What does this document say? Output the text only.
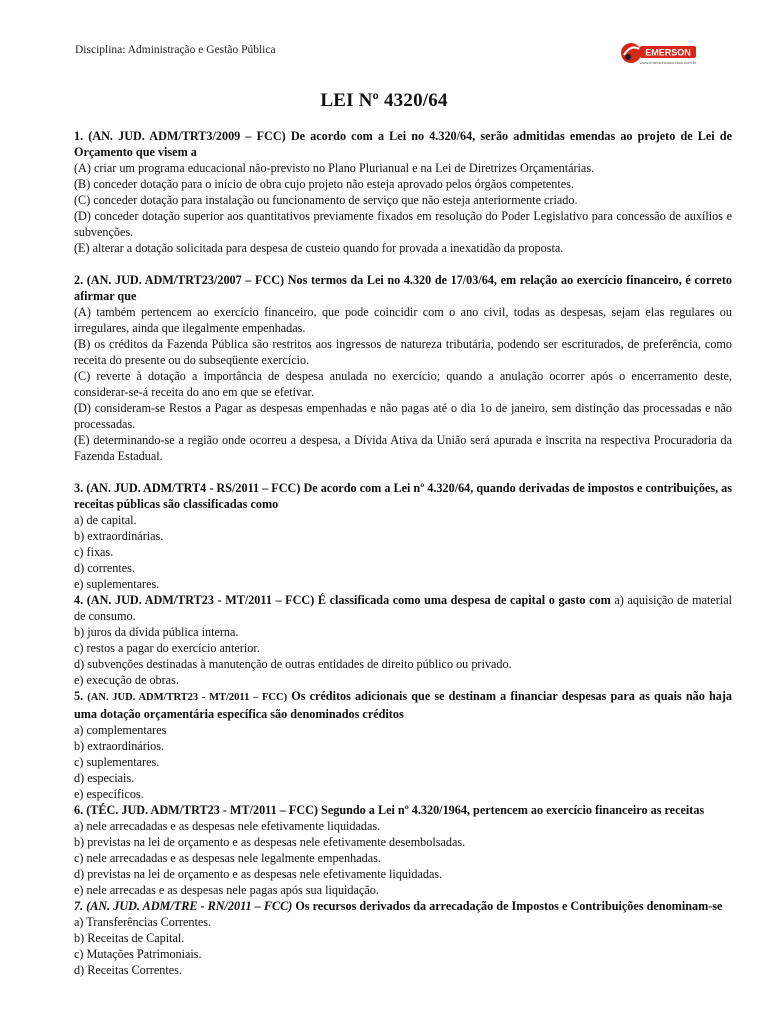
Disciplina: Administração e Gestão Pública	EMERSON
www.emersonconcursos.com.br
LEI Nº 4320/64
1. (AN. JUD. ADM/TRT3/2009 – FCC) De acordo com a Lei no 4.320/64, serão admitidas emendas ao projeto de Lei de Orçamento que visem a
(A) criar um programa educacional não-previsto no Plano Plurianual e na Lei de Diretrizes Orçamentárias.
(B) conceder dotação para o início de obra cujo projeto não esteja aprovado pelos órgãos competentes.
(C) conceder dotação para instalação ou funcionamento de serviço que não esteja anteriormente criado.
(D) conceder dotação superior aos quantitativos previamente fixados em resolução do Poder Legislativo para concessão de auxílios e subvenções.
(E) alterar a dotação solicitada para despesa de custeio quando for provada a inexatidão da proposta.
2. (AN. JUD. ADM/TRT23/2007 – FCC) Nos termos da Lei no 4.320 de 17/03/64, em relação ao exercício financeiro, é correto afirmar que
(A) também pertencem ao exercício financeiro, que pode coincidir com o ano civil, todas as despesas, sejam elas regulares ou irregulares, ainda que ilegalmente empenhadas.
(B) os créditos da Fazenda Pública são restritos aos ingressos de natureza tributária, podendo ser escriturados, de preferência, como receita do presente ou do subseqüente exercício.
(C) reverte à dotação a importância de despesa anulada no exercício; quando a anulação ocorrer após o encerramento deste, considerar-se-á receita do ano em que se efetivar.
(D) consideram-se Restos a Pagar as despesas empenhadas e não pagas até o dia 1o de janeiro, sem distinção das processadas e não processadas.
(E) determinando-se a região onde ocorreu a despesa, a Dívida Ativa da União será apurada e inscrita na respectiva Procuradoria da Fazenda Estadual.
3. (AN. JUD. ADM/TRT4 - RS/2011 – FCC) De acordo com a Lei nº 4.320/64, quando derivadas de impostos e contribuições, as receitas públicas são classificadas como
a) de capital.
b) extraordinárias.
c) fixas.
d) correntes.
e) suplementares.
4. (AN. JUD. ADM/TRT23 - MT/2011 – FCC) É classificada como uma despesa de capital o gasto com a) aquisição de material de consumo.
b) juros da dívida pública interna.
c) restos a pagar do exercício anterior.
d) subvenções destinadas à manutenção de outras entidades de direito público ou privado.
e) execução de obras.
5. (AN. JUD. ADM/TRT23 - MT/2011 – FCC) Os créditos adicionais que se destinam a financiar despesas para as quais não haja uma dotação orçamentária específica são denominados créditos
a) complementares
b) extraordinários.
c) suplementares.
d) especiais.
e) específicos.
6. (TÉC. JUD. ADM/TRT23 - MT/2011 – FCC) Segundo a Lei nº 4.320/1964, pertencem ao exercício financeiro as receitas
a) nele arrecadadas e as despesas nele efetivamente liquidadas.
b) previstas na lei de orçamento e as despesas nele efetivamente desembolsadas.
c) nele arrecadadas e as despesas nele legalmente empenhadas.
d) previstas na lei de orçamento e as despesas nele efetivamente liquidadas.
e) nele arrecadas e as despesas nele pagas após sua liquidação.
7. (AN. JUD. ADM/TRE - RN/2011 – FCC) Os recursos derivados da arrecadação de Impostos e Contribuições denominam-se
a) Transferências Correntes.
b) Receitas de Capital.
c) Mutações Patrimoniais.
d) Receitas Correntes.
